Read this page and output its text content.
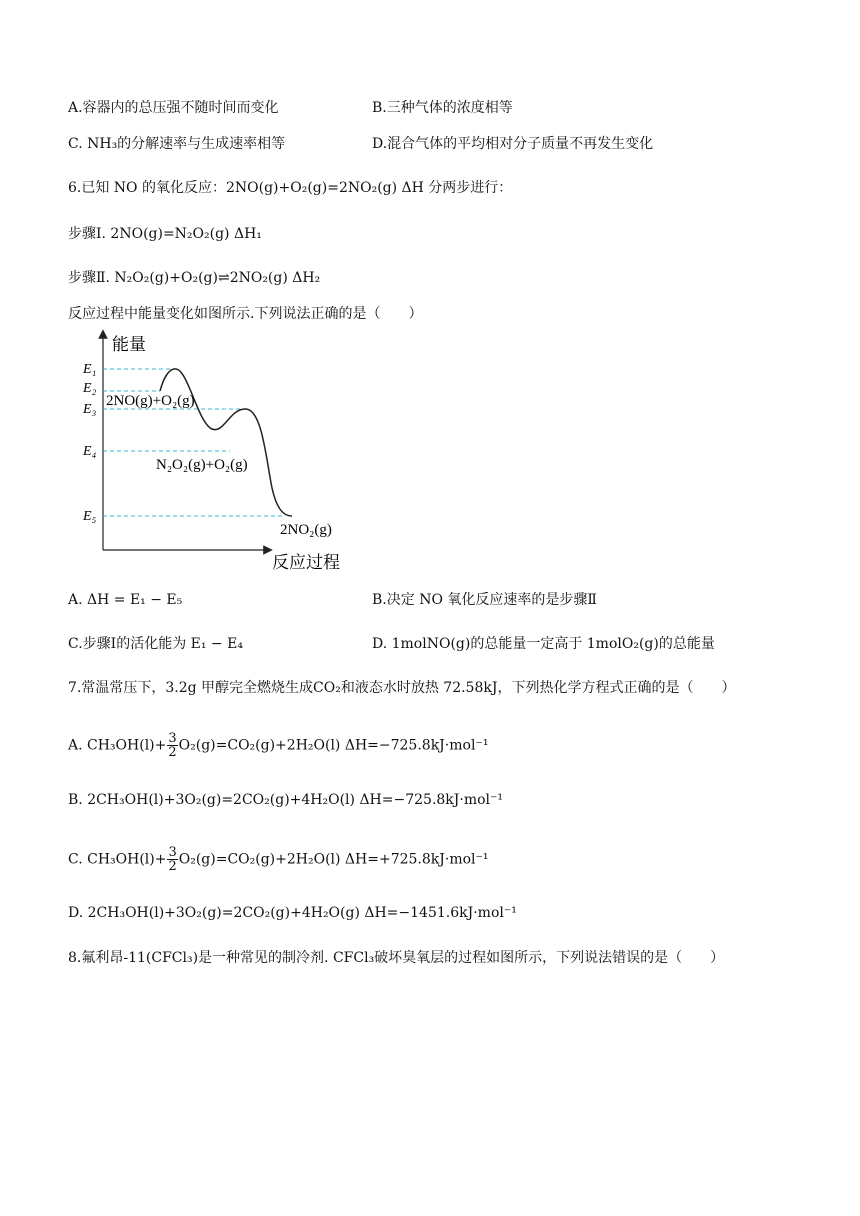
A.容器内的总压强不随时间而变化	B.三种气体的浓度相等
C. NH₃的分解速率与生成速率相等	D.混合气体的平均相对分子质量不再发生变化
6.已知 NO 的氧化反应：2NO(g)+O₂(g)=2NO₂(g) ΔH 分两步进行：
步骤Ⅰ. 2NO(g)=N₂O₂(g) ΔH₁
步骤Ⅱ. N₂O₂(g)+O₂(g)⇌2NO₂(g) ΔH₂
反应过程中能量变化如图所示.下列说法正确的是（　　）
能量
反应过程
E₁
E₂
E₃
E₄
E₅
2NO(g)+O₂(g)
N₂O₂(g)+O₂(g)
2NO₂(g)
A. ΔH = E₁ − E₅	B.决定 NO 氧化反应速率的是步骤Ⅱ
C.步骤Ⅰ的活化能为 E₁ − E₄	D. 1molNO(g)的总能量一定高于 1molO₂(g)的总能量
7.常温常压下，3.2g 甲醇完全燃烧生成CO₂和液态水时放热 72.58kJ，下列热化学方程式正确的是（　　）
A. $CH_3OH(l)+ \frac{3}{2} O_2(g)=CO_2(g)+2H_2O(l)$ ΔH=−725.8kJ·mol⁻¹
B. 2CH₃OH(l)+3O₂(g)=2CO₂(g)+4H₂O(l) ΔH=−725.8kJ·mol⁻¹
C. $CH_3OH(l)+ \frac{3}{2} O_2(g)=CO_2(g)+2H_2O(l)$ ΔH=+725.8kJ·mol⁻¹
D. 2CH₃OH(l)+3O₂(g)=2CO₂(g)+4H₂O(g) ΔH=−1451.6kJ·mol⁻¹
8.氟利昂-11(CFCl₃)是一种常见的制冷剂. CFCl₃破坏臭氧层的过程如图所示，下列说法错误的是（　　）
